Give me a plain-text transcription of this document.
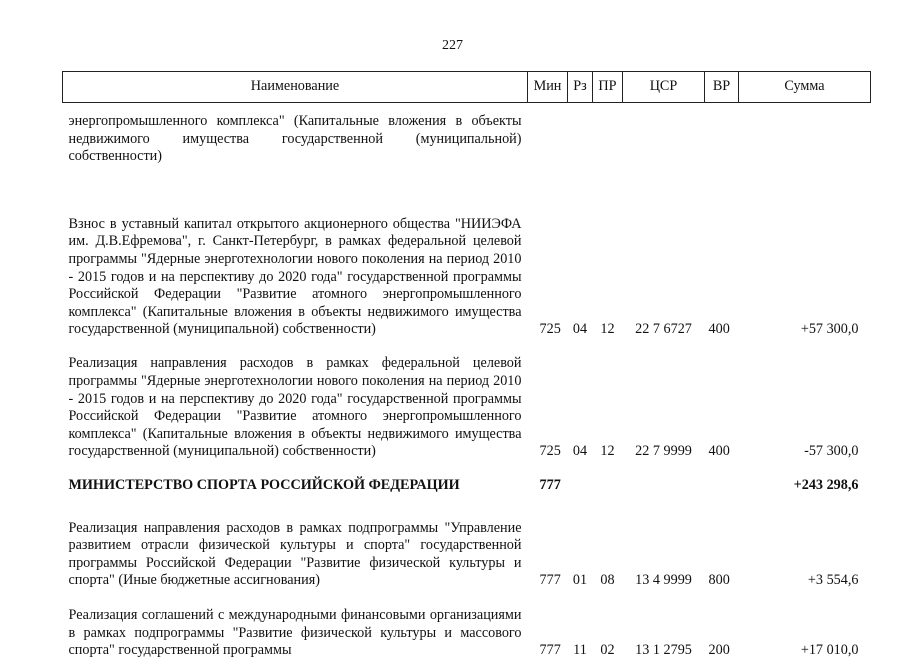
227
Наименование	Мин	Рз	ПР	ЦСР	ВР	Сумма
энергопромышленного комплекса" (Капитальные вложения в объекты недвижимого имущества государственной (муниципальной) собственности)						
Взнос в уставный капитал открытого акционерного общества "НИИЭФА им. Д.В.Ефремова", г. Санкт-Петербург, в рамках федеральной целевой программы "Ядерные энерготехнологии нового поколения на период 2010 - 2015 годов и на перспективу до 2020 года" государственной программы Российской Федерации "Развитие атомного энергопромышленного комплекса" (Капитальные вложения в объекты недвижимого имущества государственной (муниципальной) собственности)	725	04	12	22 7 6727	400	+57 300,0
Реализация направления расходов в рамках федеральной целевой программы "Ядерные энерготехнологии нового поколения на период 2010 - 2015 годов и на перспективу до 2020 года" государственной программы Российской Федерации "Развитие атомного энергопромышленного комплекса" (Капитальные вложения в объекты недвижимого имущества государственной (муниципальной) собственности)	725	04	12	22 7 9999	400	-57 300,0
МИНИСТЕРСТВО СПОРТА РОССИЙСКОЙ ФЕДЕРАЦИИ	777					+243 298,6
Реализация направления расходов в рамках подпрограммы "Управление развитием отрасли физической культуры и спорта" государственной программы Российской Федерации "Развитие физической культуры и спорта" (Иные бюджетные ассигнования)	777	01	08	13 4 9999	800	+3 554,6

Реализация соглашений с международными финансовыми организациями в рамках подпрограммы "Развитие физической культуры и массового спорта" государственной программы	777	11	02	13 1 2795	200	+17 010,0
